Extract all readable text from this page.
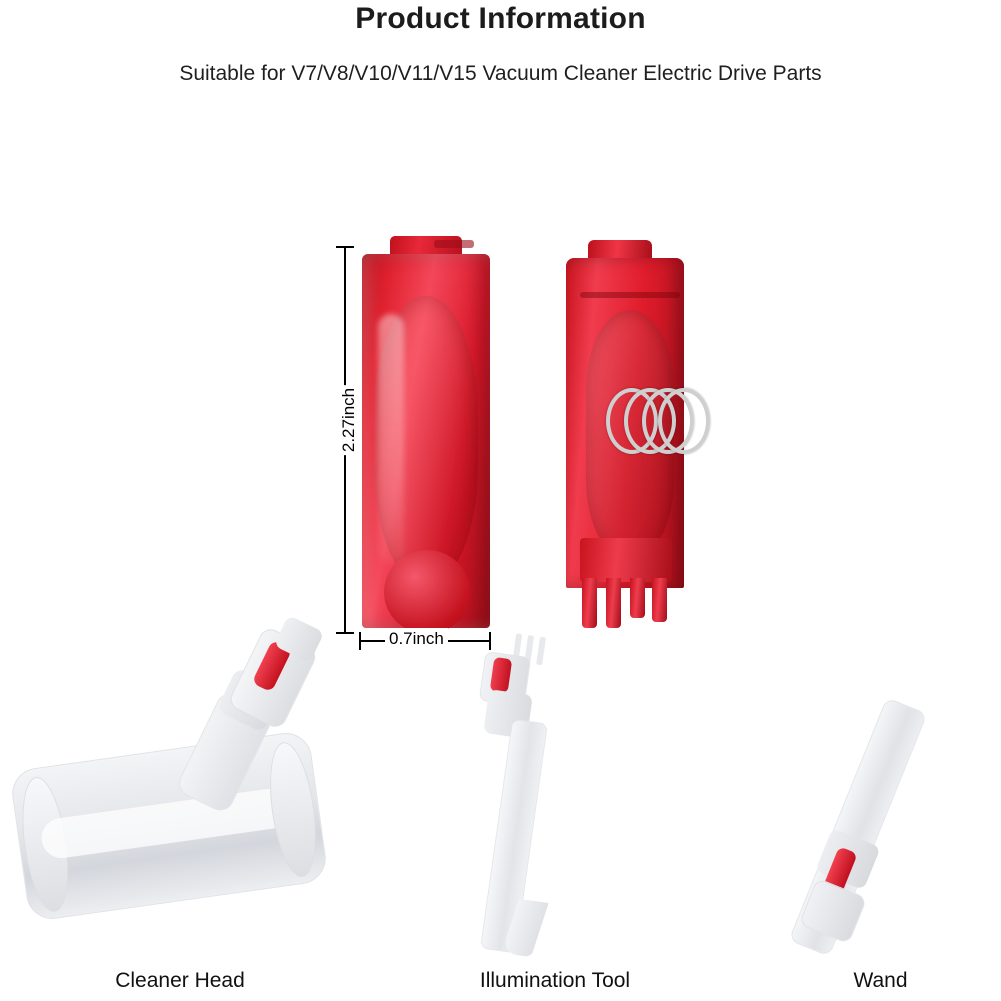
Product Information
Suitable for V7/V8/V10/V11/V15 Vacuum Cleaner Electric Drive Parts
2.27inch
0.7inch
Cleaner Head	Illumination Tool	Wand
